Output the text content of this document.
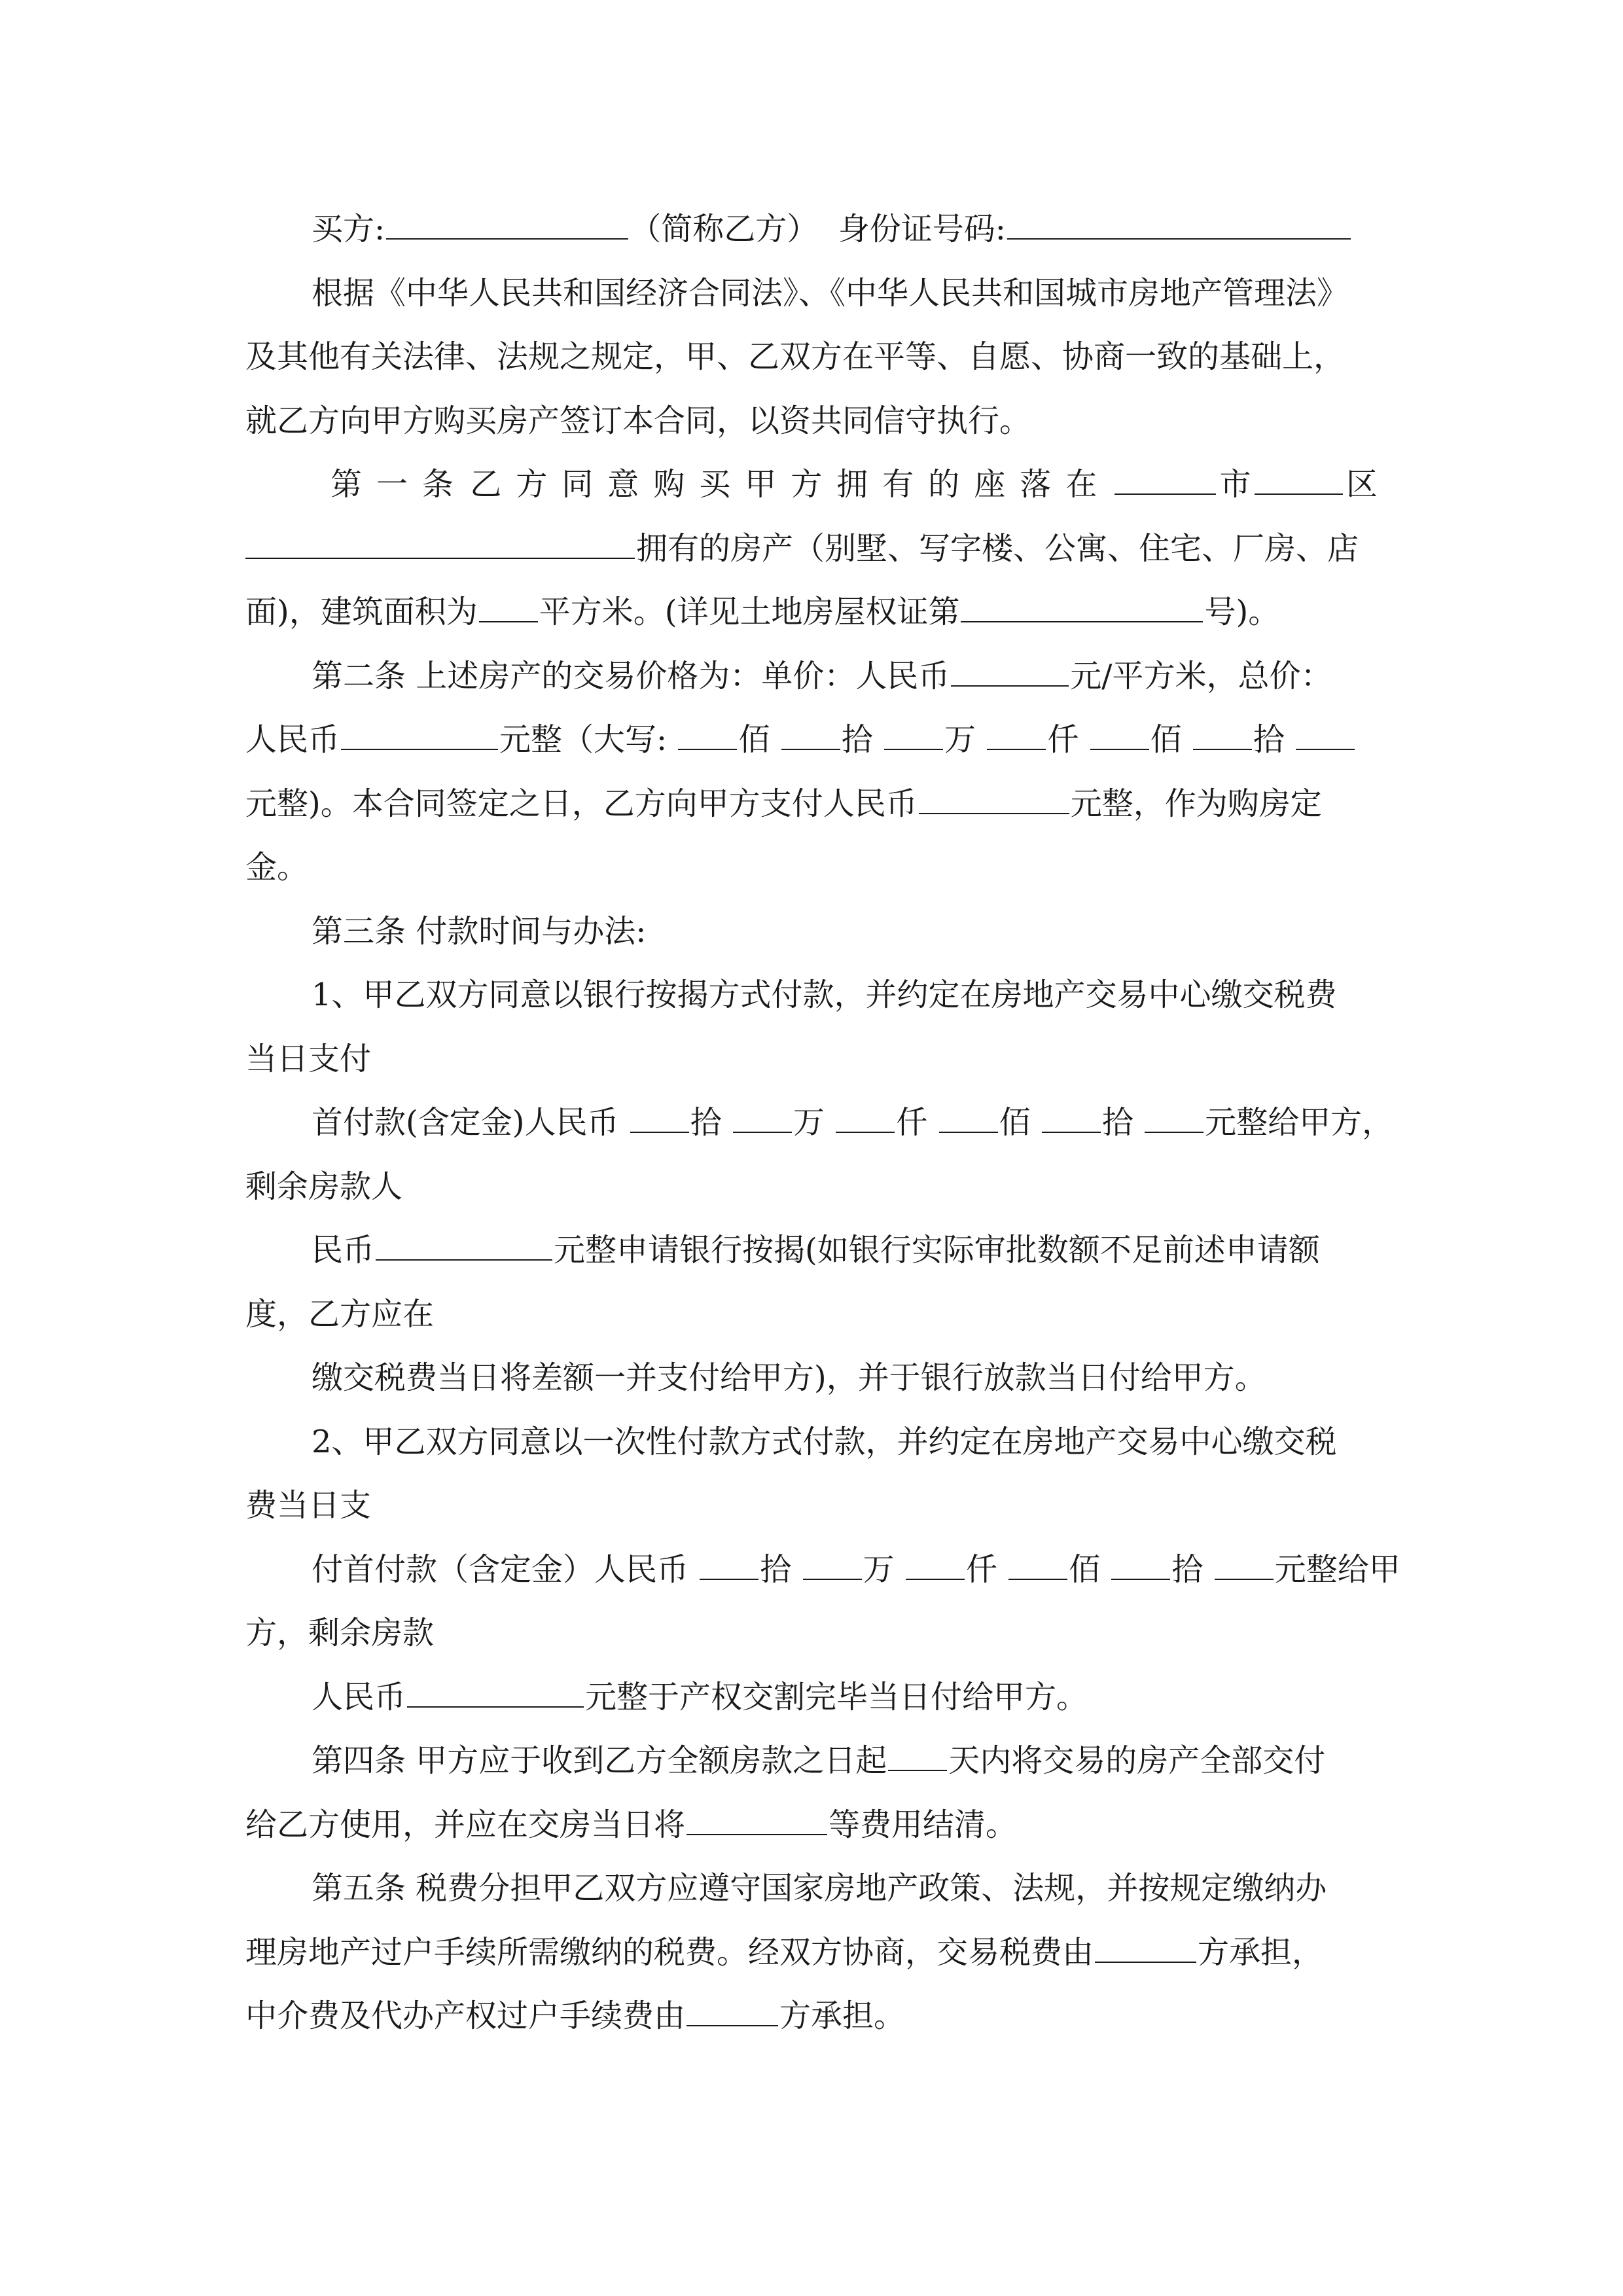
买方:	（简称乙方） 身份证号码:
根据《中华人民共和国经济合同法》、《中华人民共和国城市房地产管理法》
及其他有关法律、法规之规定，甲、乙双方在平等、自愿、协商一致的基础上，
就乙方向甲方购买房产签订本合同，以资共同信守执行。
第一条 乙方同意购买甲方拥有的座落在	市	区
拥有的房产（别墅、写字楼、公寓、住宅、厂房、店
面)，建筑面积为 平方米。(详见土地房屋权证第	号)。
第二条 上述房产的交易价格为：单价：人民币	元/平方米，总价：
人民币	元整（大写: 佰 拾 万 仟 佰 拾
元整)。本合同签定之日，乙方向甲方支付人民币	元整，作为购房定
金。
第三条 付款时间与办法:
1、甲乙双方同意以银行按揭方式付款，并约定在房地产交易中心缴交税费
当日支付
首付款(含定金)人民币 拾 万 仟 佰 拾 元整给甲方，
剩余房款人
民币	元整申请银行按揭(如银行实际审批数额不足前述申请额
度，乙方应在
缴交税费当日将差额一并支付给甲方)，并于银行放款当日付给甲方。
2、甲乙双方同意以一次性付款方式付款，并约定在房地产交易中心缴交税
费当日支
付首付款（含定金）人民币 拾 万 仟 佰 拾 元整给甲
方，剩余房款
人民币	元整于产权交割完毕当日付给甲方。
第四条 甲方应于收到乙方全额房款之日起 天内将交易的房产全部交付
给乙方使用，并应在交房当日将	等费用结清。
第五条 税费分担甲乙双方应遵守国家房地产政策、法规，并按规定缴纳办
理房地产过户手续所需缴纳的税费。经双方协商，交易税费由	方承担，
中介费及代办产权过户手续费由	方承担。
